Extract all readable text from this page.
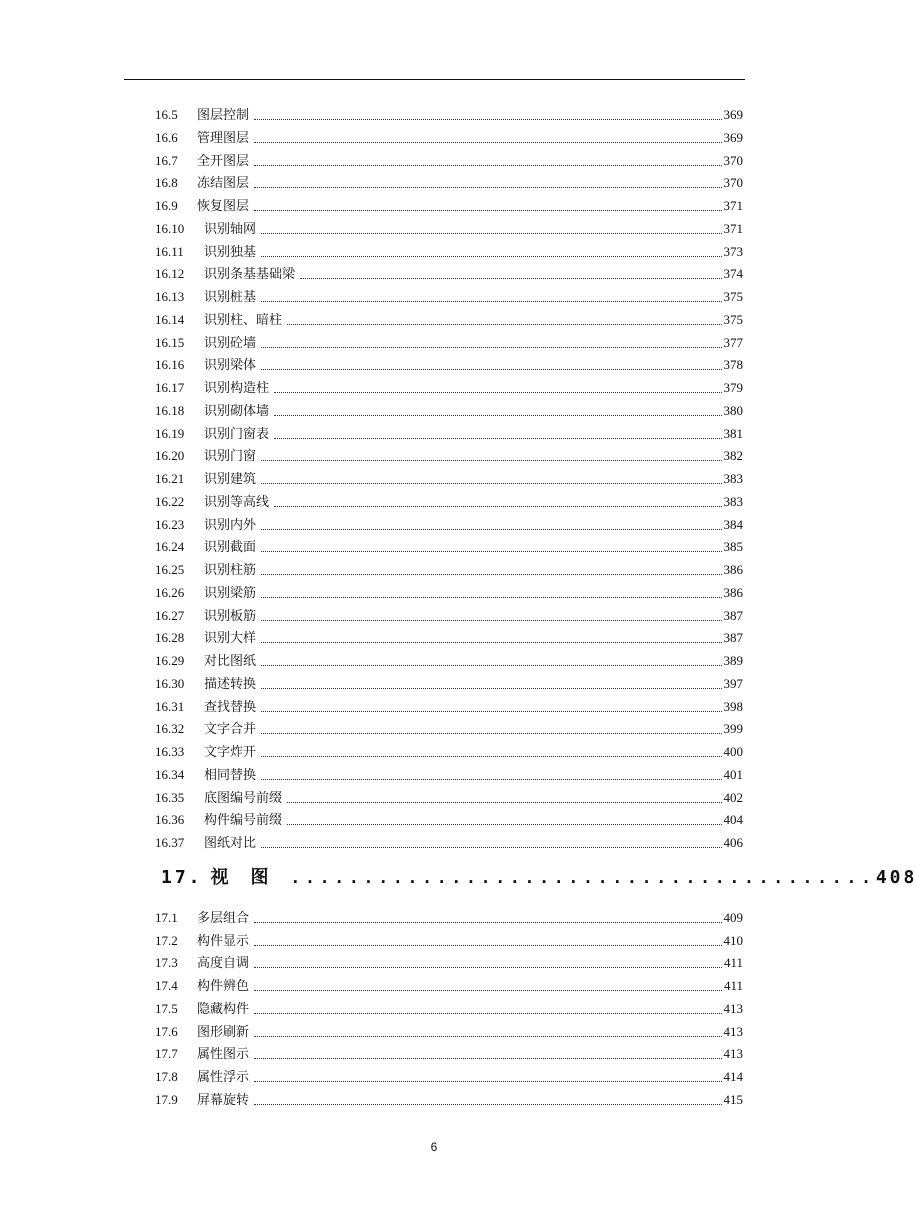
16.5	图层控制	369
16.6	管理图层	369
16.7	全开图层	370
16.8	冻结图层	370
16.9	恢复图层	371
16.10	识别轴网	371
16.11	识别独基	373
16.12	识别条基基础梁	374
16.13	识别桩基	375
16.14	识别柱、暗柱	375
16.15	识别砼墙	377
16.16	识别梁体	378
16.17	识别构造柱	379
16.18	识别砌体墙	380
16.19	识别门窗表	381
16.20	识别门窗	382
16.21	识别建筑	383
16.22	识别等高线	383
16.23	识别内外	384
16.24	识别截面	385
16.25	识别柱筋	386
16.26	识别梁筋	386
16.27	识别板筋	387
16.28	识别大样	387
16.29	对比图纸	389
16.30	描述转换	397
16.31	查找替换	398
16.32	文字合并	399
16.33	文字炸开	400
16.34	相同替换	401
16.35	底图编号前缀	402
16.36	构件编号前缀	404
16.37	图纸对比	406
17. 视图 ........................................ 408
17.1	多层组合	409
17.2	构件显示	410
17.3	高度自调	411
17.4	构件辨色	411
17.5	隐藏构件	413
17.6	图形刷新	413
17.7	属性图示	413
17.8	属性浮示	414
17.9	屏幕旋转	415
6
